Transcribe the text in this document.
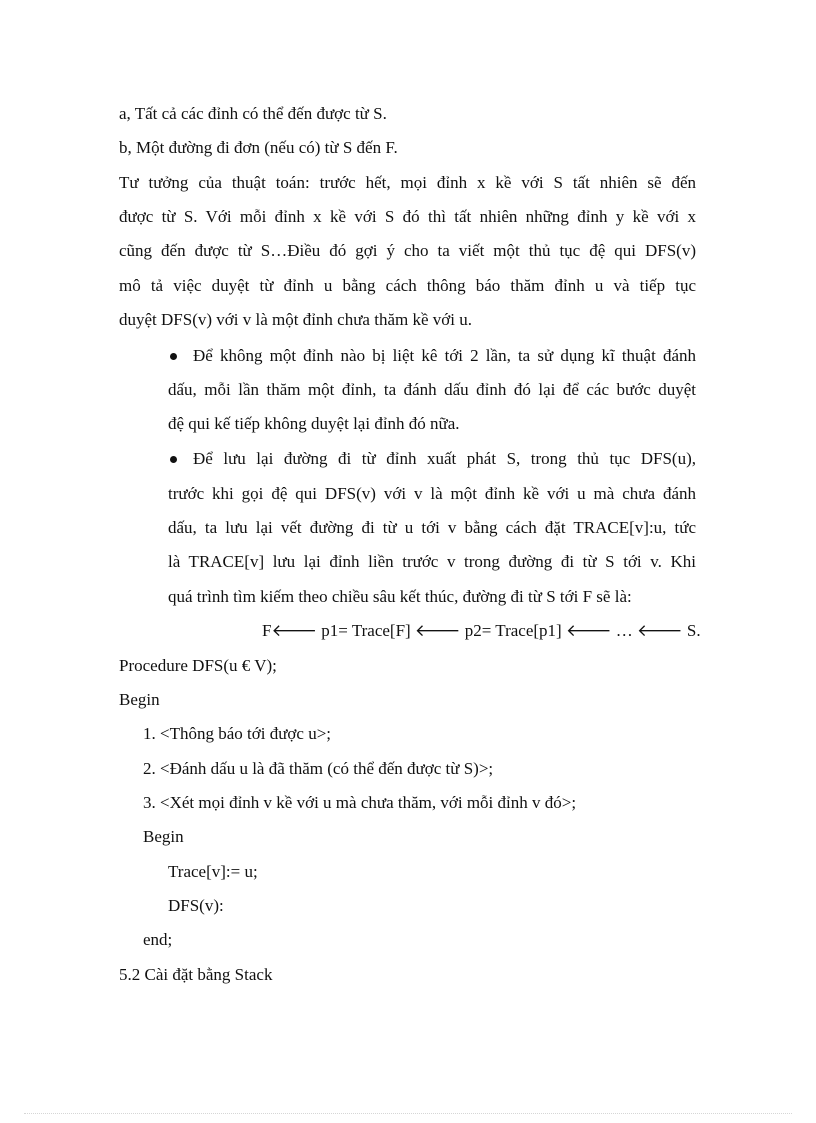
a, Tất cả các đỉnh có thể đến được từ S.
b, Một đường đi đơn (nếu có) từ S đến F.
Tư tưởng của thuật toán: trước hết, mọi đỉnh x kề với S tất nhiên sẽ đến
được từ S. Với mỗi đỉnh x kề với S đó thì tất nhiên những đỉnh y kề với x
cũng đến được từ S…Điều đó gợi ý cho ta viết một thủ tục đệ qui DFS(v)
mô tả việc duyệt từ đỉnh u bằng cách thông báo thăm đỉnh u và tiếp tục
duyệt DFS(v) với v là một đỉnh chưa thăm kề với u.
Để không một đỉnh nào bị liệt kê tới 2 lần, ta sử dụng kĩ thuật đánh
dấu, mỗi lần thăm một đỉnh, ta đánh dấu đỉnh đó lại để các bước duyệt
đệ qui kế tiếp không duyệt lại đỉnh đó nữa.
Để lưu lại đường đi từ đỉnh xuất phát S, trong thủ tục DFS(u),
trước khi gọi đệ qui DFS(v) với v là một đỉnh kề với u mà chưa đánh
dấu, ta lưu lại vết đường đi từ u tới v bằng cách đặt TRACE[v]:u, tức
là TRACE[v] lưu lại đỉnh liền trước v trong đường đi từ S tới v. Khi
quá trình tìm kiếm theo chiều sâu kết thúc, đường đi từ S tới F sẽ là:
F🡐 p1= Trace[F] 🡐 p2= Trace[p1] 🡐 … 🡐 S.
Procedure DFS(u € V);
Begin
1. <Thông báo tới được u>;
2. <Đánh dấu u là đã thăm (có thể đến được từ S)>;
3. <Xét mọi đỉnh v kề với u mà chưa thăm, với mỗi đỉnh v đó>;
Begin
Trace[v]:= u;
DFS(v):
end;
5.2 Cài đặt bằng Stack
